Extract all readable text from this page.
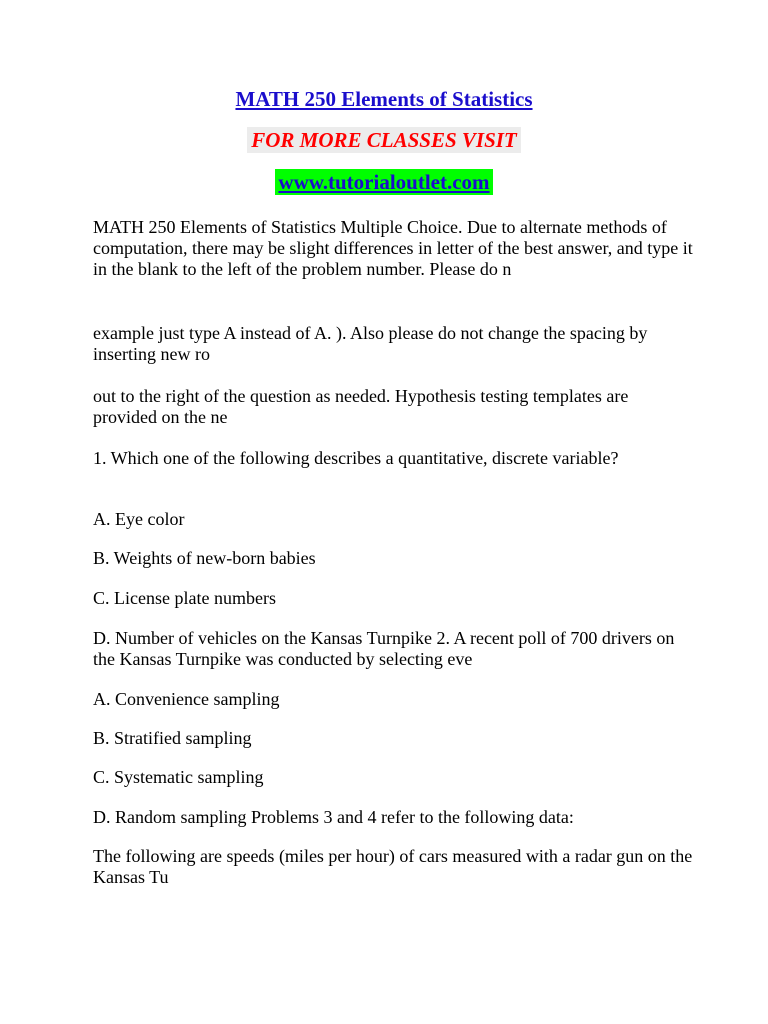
MATH 250 Elements of Statistics
FOR MORE CLASSES VISIT
www.tutorialoutlet.com

MATH 250 Elements of Statistics Multiple Choice. Due to alternate methods of computation, there may be slight differences in letter of the best answer, and type it in the blank to the left of the problem number. Please do n

example just type A instead of A. ). Also please do not change the spacing by inserting new ro

out to the right of the question as needed. Hypothesis testing templates are provided on the ne

1. Which one of the following describes a quantitative, discrete variable?

A. Eye color

B. Weights of new-born babies

C. License plate numbers

D. Number of vehicles on the Kansas Turnpike 2. A recent poll of 700 drivers on the Kansas Turnpike was conducted by selecting eve

A. Convenience sampling

B. Stratified sampling

C. Systematic sampling

D. Random sampling Problems 3 and 4 refer to the following data:

The following are speeds (miles per hour) of cars measured with a radar gun on the Kansas Tu
